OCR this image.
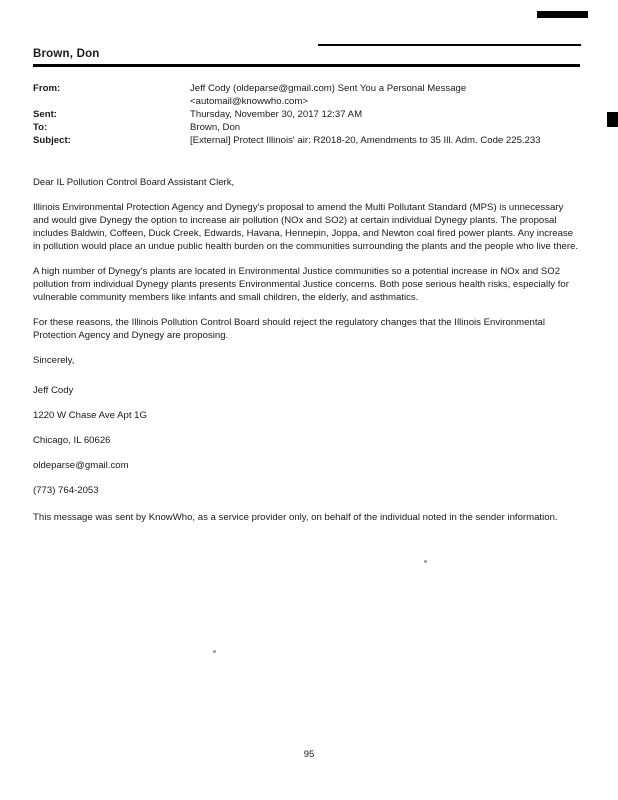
Brown, Don
From:	Jeff Cody (oldeparse@gmail.com) Sent You a Personal Message
<automail@knowwho.com>
Sent:	Thursday, November 30, 2017 12:37 AM
To:	Brown, Don
Subject:	[External] Protect Illinois' air: R2018-20, Amendments to 35 Ill. Adm. Code 225.233

Dear IL Pollution Control Board Assistant Clerk,

Illinois Environmental Protection Agency and Dynegy's proposal to amend the Multi Pollutant Standard (MPS) is unnecessary and would give Dynegy the option to increase air pollution (NOx and SO2) at certain individual Dynegy plants. The proposal includes Baldwin, Coffeen, Duck Creek, Edwards, Havana, Hennepin, Joppa, and Newton coal fired power plants. Any increase in pollution would place an undue public health burden on the communities surrounding the plants and the people who live there.

A high number of Dynegy's plants are located in Environmental Justice communities so a potential increase in NOx and SO2 pollution from individual Dynegy plants presents Environmental Justice concerns. Both pose serious health risks, especially for vulnerable community members like infants and small children, the elderly, and asthmatics.

For these reasons, the Illinois Pollution Control Board should reject the regulatory changes that the Illinois Environmental Protection Agency and Dynegy are proposing.

Sincerely,

Jeff Cody

1220 W Chase Ave Apt 1G

Chicago, IL 60626

oldeparse@gmail.com

(773) 764-2053

This message was sent by KnowWho, as a service provider only, on behalf of the individual noted in the sender information.

95
